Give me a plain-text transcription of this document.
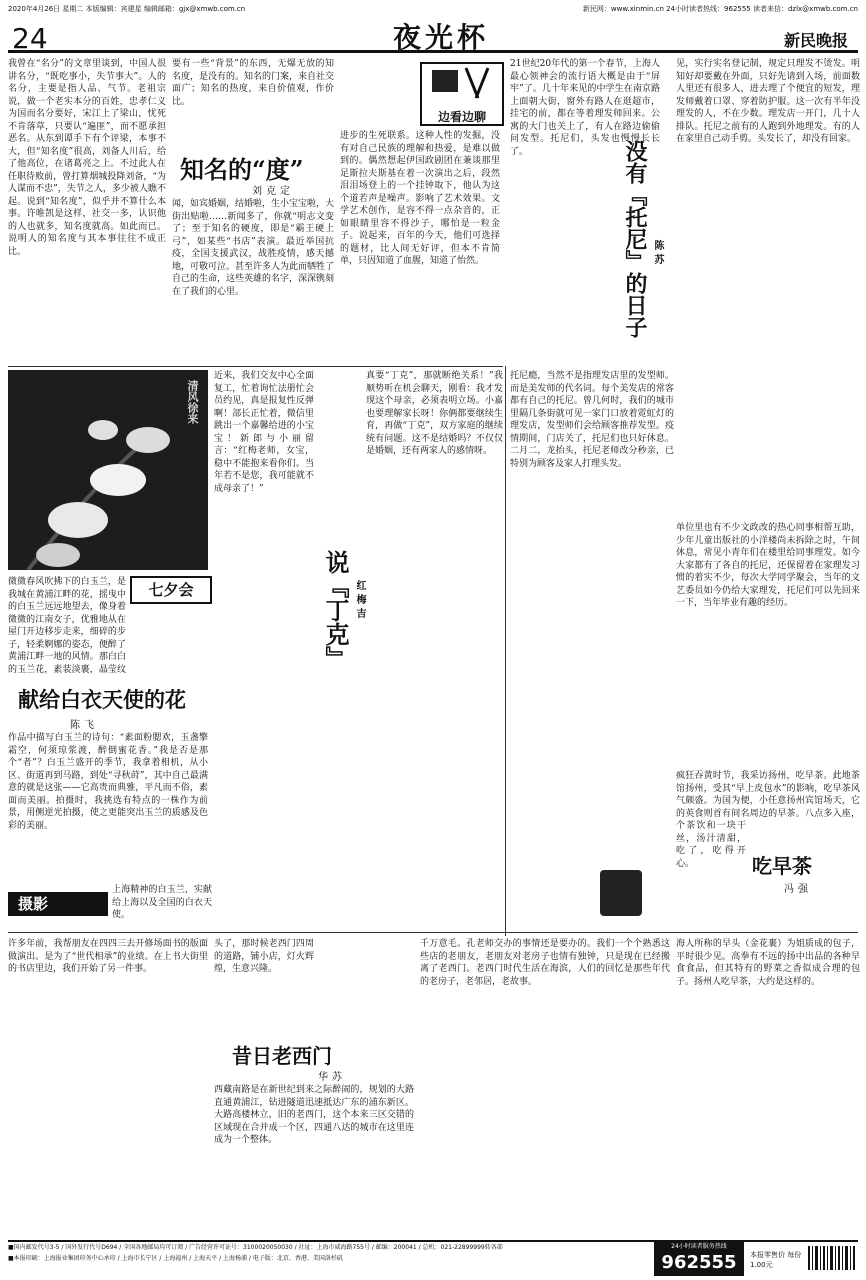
2020年4月26日 星期二 本版编辑：宾建星 编辑邮箱：gjx@xmwb.com.cn	新民网：www.xinmin.cn 24小时读者热线：962555 读者来信：dzlx@xmwb.com.cn
24	夜光杯	新民晚报
我曾在“名分”的文章里谈到，中国人很讲名分，“既吃事小，失节事大”。人的名分，主要是指人品、气节。老祖宗说，做一个老实本分的百姓，忠孝仁义为国而名分要好，宋江上了梁山，忧死不肯落草，只要认“遍匪”，而不愿承担恶名。从东到谭手下有个评梁，本事不大，但“知名度”很高，刘备人川后，给了他高位，在诸葛亮之上。不过此人在任职待败前，曾打算烟城投降刘备，“为人谋而不忠”，失节之人，多少被人瞧不起。说到“知名度”，似乎并不算什么本事。许唯凯是这样，社交一多，认识他的人也就多，知名度就高。如此而已。说明人的知名度与其本事往往不成正比。
要有一些“背景”的东西，无爆无放的知名度，是没有的。知名的门案，来自社交面广；知名的热度，来自价值观，作价比。
知名的“度”
刘克定
闻，如宾婚姻，结婚啦，生小宝宝啦，大街出贴啦……新闻多了，你就“明志文变了；至于知名的硬度，即是“霸王硬上弓”，如某些“书店”表演。最近举国抗疫，全国支援武汉，战胜疫情，感天撼地，可敬可泣。甚至许多人为此而牺牲了自己的生命，这些英雄的名字，深深镌刻在了我们的心里。
边看边聊
进步的生死联系。这种人性的发掘，没有对自己民族的理解和热爱，是难以做到的。偶然想起伊国政剧团在兼谈那里足斯拉夫斯基在着一次演出之后，段然泪泪场登上的一个挂钟取下，他认为这个道若声是噪声。影响了艺术效果。文学艺术创作，是容不得一点杂音的，正如眼睛里容不得沙子，哪怕是一粒金子。说起来，百年的今天，他们可选择的题材，比人间无好评，但本不肯简单，只因知道了血腥，知道了怡然。
21世纪20年代的第一个春节，上海人最心领神会的流行语大概是由于“屏牢”了。几十年来见的中学生在南京路上面朝大街，窗外有路人在逛超市，挂宅的前，都在等着理发师回来。公寓的大门也关上了，有人在路边偷偷问发型。托尼们，头发也慢慢长长了。	没有『托尼』的日子 陈苏
见，实行实名登记制，规定只理发不烫发。明知好却要戴在外面，只好先请到入场，前面数人里还有很多人，进去理了个便宜的短发，理发师戴着口罩、穿着防护服。这一次有半年没理发的人，不在少数。理发店一开门，几十人排队。托尼之前有的人跑到外地理发。有的人在家里自己动手剪。头发长了，却没有回家。
清风徐来
七夕会
微微春风吹拂下的白玉兰，是我城在黄浦江畔的花，摇曳中的白玉兰远远地望去，像身着微微的江南女子，优雅地从在屋门开边移步走来，细碎的步子，轻柔婀娜的姿态，便醉了黄浦江畔一地的风情。那白白的玉兰花，素装淡裹，晶莹纹
献给白衣天使的花
陈飞
作品中描写白玉兰的诗句：“素面粉腮欢，玉盏擎霜空，何须琼浆渡，醉倒蜜花香。”我是否是那个“者”？白玉兰盛开的季节，我拿着相机，从小区、街道再到马路，到处“寻秋莳”，其中自己最满意的就是这张——它高贵而典雅，平凡而不俗，素面而美丽。拍摄时，我挑选有特点的一株作为前景，用侧逆光拍摄，使之更能突出玉兰的质感及色彩的美丽。
摄影
上海精神的白玉兰，实献给上海以及全国的白衣天使。
近来，我们交友中心全面复工，忙着询忙法册忙会员约见，真是报复性反弹啊！部长正忙着，微信里跳出一个嘉馨给进的小宝宝！新郎与小丽留言：“红梅老师，女宝，稳中不能抱来看你们。当年若不是您，我可能就不成母亲了！”
说『丁克』 红梅吉
真要“丁克”，那就断绝关系！”我顺势听在机会聊天，刚看：我才发现这个母亲，必须表明立场。小嘉也要理解家长呀！你俩都要继续生育，再做“丁克”，双方家庭的继续统有问题。这不是结婚吗？不仅仅是婚姻，还有两家人的感情呀。
托尼瘾，当然不是指理发店里的发型师。而是美发师的代名词。每个美发店的常客都有自己的托尼。曾几何时，我们的城市里隔几条街就可见一家门口放着霓虹灯的理发店，发型师们会给顾客推荐发型。疫情期间，门店关了，托尼们也只好休息。二月二，龙抬头，托尼老师改分秒亲，已特别为顾客及家人打理头发。
单位里也有不少文政改的热心同事相帮互助，少年儿童出版社的小洋楼尚未拆除之时，午间休息，常见小青年们在楼里给同事理发。如今大家都有了各自的托尼，还保留着在家理发习惯的着实不少，每次大学同学聚会，当年的文艺委员如今仍给大家理发，托尼们可以先回来一下，当年毕业有趣的经历。
疯狂吞黄时节，我采访扬州，吃早茶。此地茶馆扬州，受其“早上皮包水”的影响，吃早茶风气颇盛。为国为便，小任意扬州宾馆场天，它的英食则首有间名周边的早茶。八点多入座，
吃早茶
冯强
个茶饮和一块干丝，汤汁清甜，吃了，吃得开心。
许多年前，我帮朋友在四四三去开修场面书的版面做演出。是为了“世代相承”的业绩。在上书大街里的书店里边，我们开始了另一件事。
头了，那时候老西门四周的道路，铺小店，灯火辉煌，生意兴隆。
昔日老西门
华苏
西藏南路是在新世纪到来之际醉闹的，规划的大路直通黄浦江，钻进隧道迅速抵达广东的浦东新区。大路高楼林立，旧的老西门，这个本来三区交错的区域现在合并成一个区，四通八达的城市在这里连成为一个整体。
千万意毛。孔老师交办的事情还是要办的。我们一个个熟悉这些店的老朋友，老朋友对老房子也情有独钟，只是现在已经搬离了老西门。老西门时代生活在海滨，人们的回忆是那些年代的老房子，老邻居，老故事。
海人所称的早头（金花裹）为姐质成的包子，平时很少见。高拳有不远的扬中出品的各种早食食品，但其特有的野菜之香似成合理的包子。扬州人吃早茶，大约是这样的。
■国内邮发代号3-5 / 国外发行代号D694 / 全国各地邮局均可订阅 / 广告经营许可证号：3100020050030 / 社址：上海市威海路755号 / 邮编：200041 / 总机：021-22899999转各部
■本报印刷：上海报业集团印务中心承印 / 上海市长宁区 / 上海福州 / 上海天平 / 上海杨浦 / 电子版：北京、香港、美国洛杉矶
24小时读者服务热线
962555	本报零售价 每份1.00元
